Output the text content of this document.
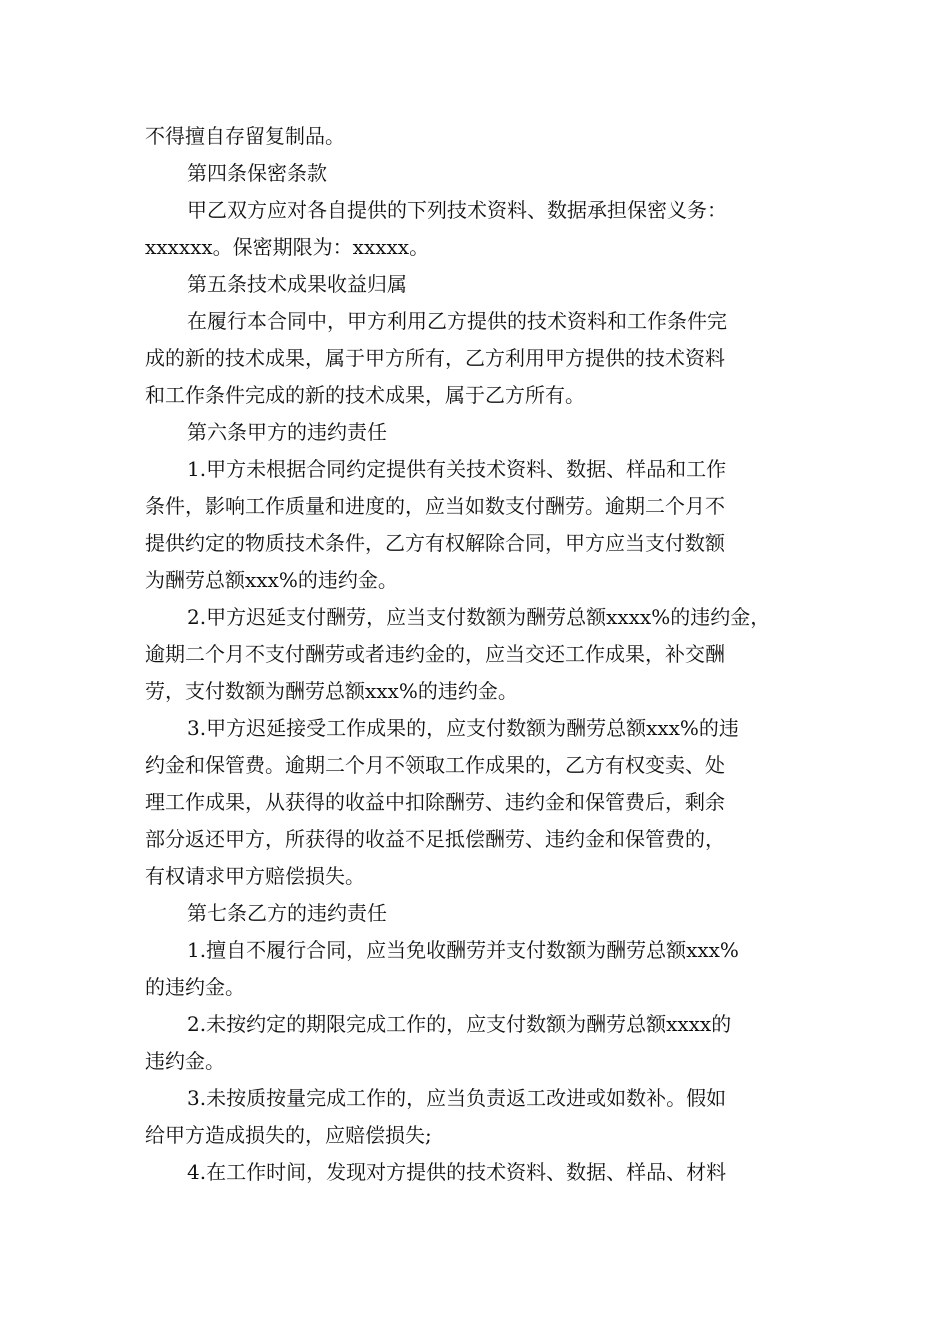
不得擅自存留复制品。
第四条保密条款
甲乙双方应对各自提供的下列技术资料、数据承担保密义务：
xxxxxx。保密期限为：xxxxx。
第五条技术成果收益归属
在履行本合同中，甲方利用乙方提供的技术资料和工作条件完
成的新的技术成果，属于甲方所有，乙方利用甲方提供的技术资料
和工作条件完成的新的技术成果，属于乙方所有。
第六条甲方的违约责任
1.甲方未根据合同约定提供有关技术资料、数据、样品和工作
条件，影响工作质量和进度的，应当如数支付酬劳。逾期二个月不
提供约定的物质技术条件，乙方有权解除合同，甲方应当支付数额
为酬劳总额xxx%的违约金。
2.甲方迟延支付酬劳，应当支付数额为酬劳总额xxxx%的违约金，
逾期二个月不支付酬劳或者违约金的，应当交还工作成果，补交酬
劳，支付数额为酬劳总额xxx%的违约金。
3.甲方迟延接受工作成果的，应支付数额为酬劳总额xxx%的违
约金和保管费。逾期二个月不领取工作成果的，乙方有权变卖、处
理工作成果，从获得的收益中扣除酬劳、违约金和保管费后，剩余
部分返还甲方，所获得的收益不足抵偿酬劳、违约金和保管费的，
有权请求甲方赔偿损失。
第七条乙方的违约责任
1.擅自不履行合同，应当免收酬劳并支付数额为酬劳总额xxx%
的违约金。
2.未按约定的期限完成工作的，应支付数额为酬劳总额xxxx的
违约金。
3.未按质按量完成工作的，应当负责返工改进或如数补。假如
给甲方造成损失的，应赔偿损失;
4.在工作时间，发现对方提供的技术资料、数据、样品、材料
